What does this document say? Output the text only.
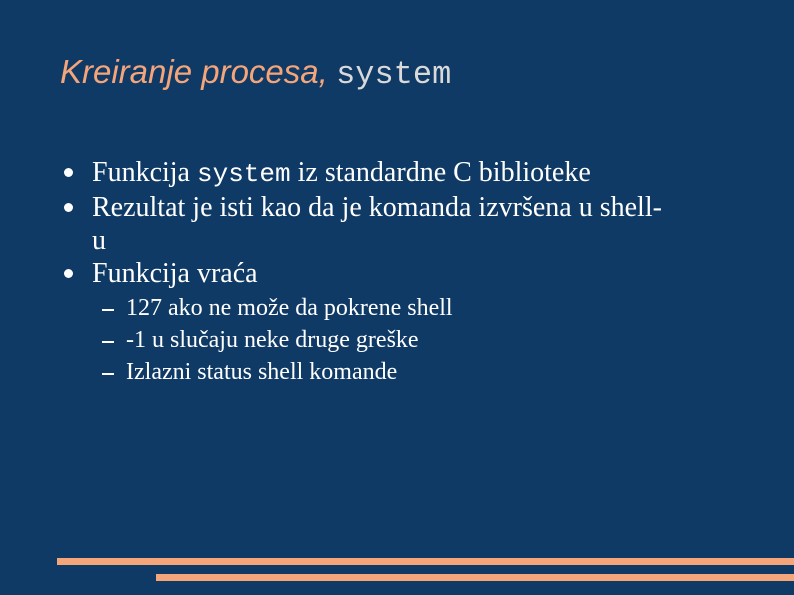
Kreiranje procesa, system
Funkcija system iz standardne C biblioteke
Rezultat je isti kao da je komanda izvršena u shell-
u
Funkcija vraća
127 ako ne može da pokrene shell
-1 u slučaju neke druge greške
Izlazni status shell komande
